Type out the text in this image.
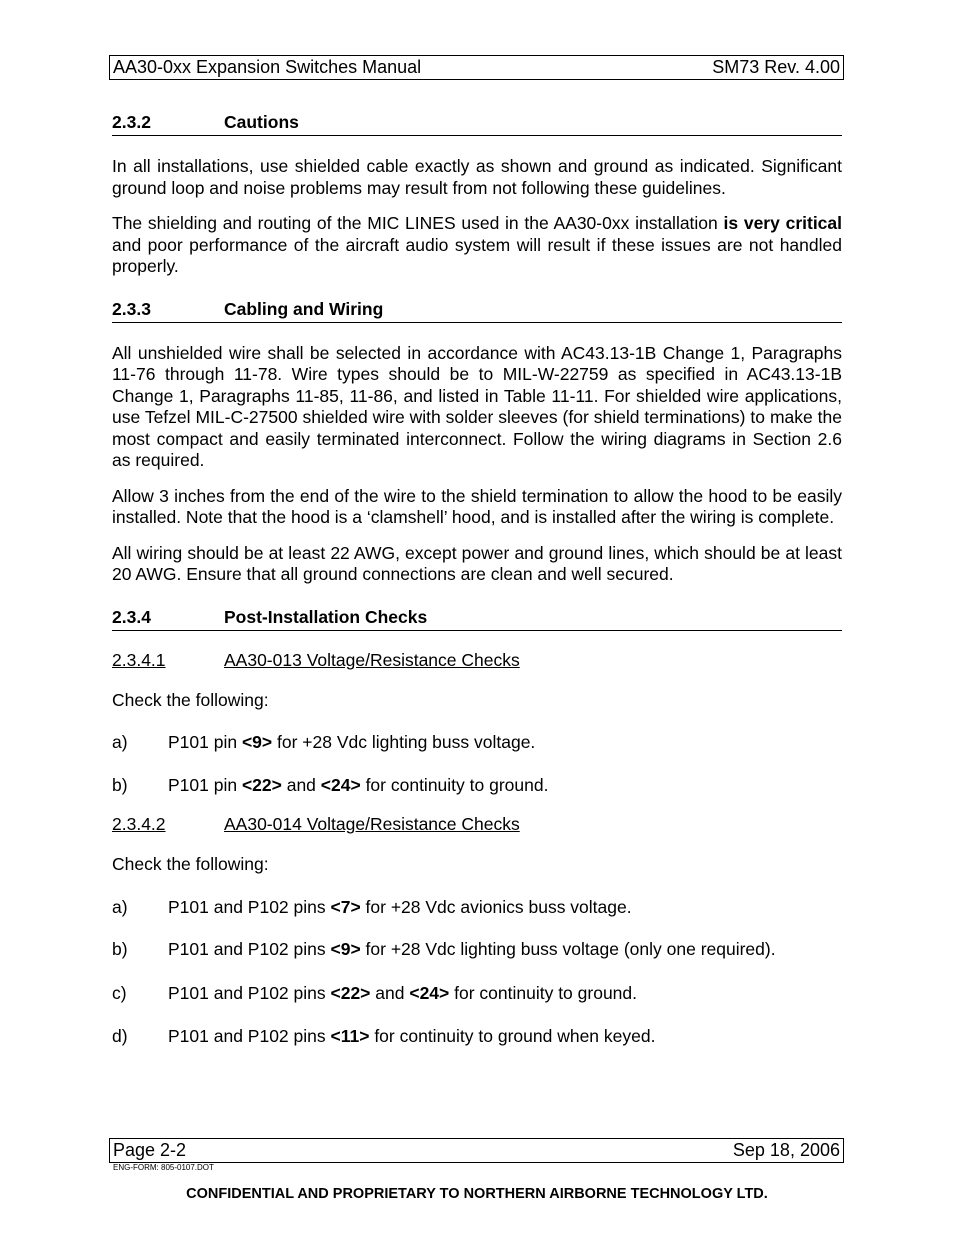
AA30-0xx Expansion Switches Manual	SM73 Rev. 4.00
2.3.2	Cautions

In all installations, use shielded cable exactly as shown and ground as indicated. Significant ground loop and noise problems may result from not following these guidelines.

The shielding and routing of the MIC LINES used in the AA30-0xx installation is very critical and poor performance of the aircraft audio system will result if these issues are not handled properly.

2.3.3	Cabling and Wiring

All unshielded wire shall be selected in accordance with AC43.13-1B Change 1, Paragraphs 11-76 through 11-78. Wire types should be to MIL-W-22759 as specified in AC43.13-1B Change 1, Paragraphs 11-85, 11-86, and listed in Table 11-11. For shielded wire applications, use Tefzel MIL-C-27500 shielded wire with solder sleeves (for shield terminations) to make the most compact and easily terminated interconnect. Follow the wiring diagrams in Section 2.6 as required.

Allow 3 inches from the end of the wire to the shield termination to allow the hood to be easily installed. Note that the hood is a ‘clamshell’ hood, and is installed after the wiring is complete.

All wiring should be at least 22 AWG, except power and ground lines, which should be at least 20 AWG. Ensure that all ground connections are clean and well secured.

2.3.4	Post-Installation Checks
2.3.4.1	AA30-013 Voltage/Resistance Checks

Check the following:

a)	P101 pin <9> for +28 Vdc lighting buss voltage.
b)	P101 pin <22> and <24> for continuity to ground.
2.3.4.2	AA30-014 Voltage/Resistance Checks

Check the following:

a)	P101 and P102 pins <7> for +28 Vdc avionics buss voltage.
b)	P101 and P102 pins <9> for +28 Vdc lighting buss voltage (only one required).
c)	P101 and P102 pins <22> and <24> for continuity to ground.
d)	P101 and P102 pins <11> for continuity to ground when keyed.
Page 2-2	Sep 18, 2006
ENG-FORM: 805-0107.DOT
CONFIDENTIAL AND PROPRIETARY TO NORTHERN AIRBORNE TECHNOLOGY LTD.
